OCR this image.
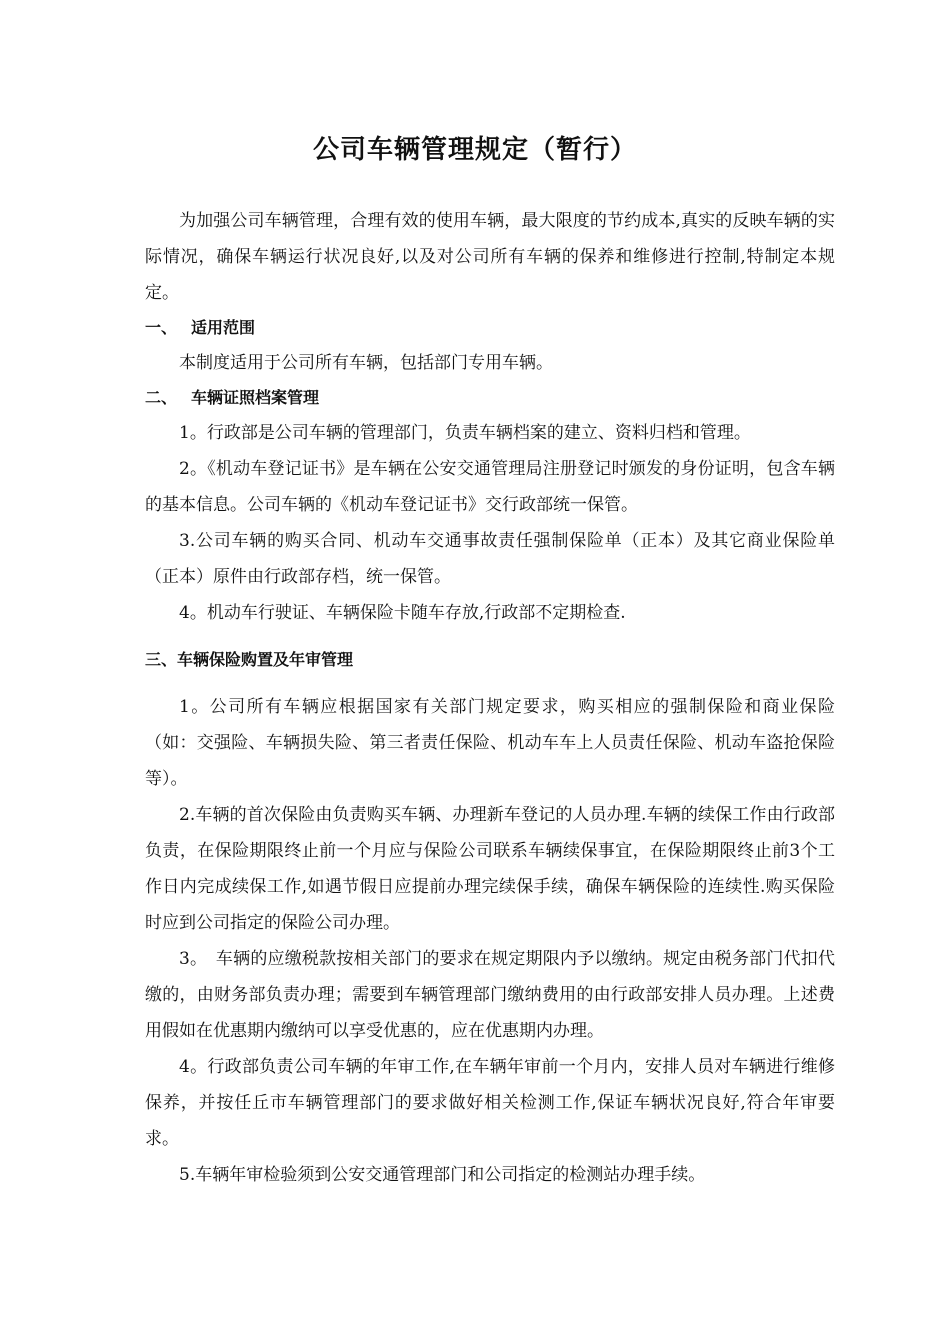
公司车辆管理规定（暂行）

为加强公司车辆管理，合理有效的使用车辆，最大限度的节约成本,真实的反映车辆的实际情况，确保车辆运行状况良好,以及对公司所有车辆的保养和维修进行控制,特制定本规定。

一、 适用范围

本制度适用于公司所有车辆，包括部门专用车辆。

二、 车辆证照档案管理

1。行政部是公司车辆的管理部门，负责车辆档案的建立、资料归档和管理。

2。《机动车登记证书》是车辆在公安交通管理局注册登记时颁发的身份证明，包含车辆的基本信息。公司车辆的《机动车登记证书》交行政部统一保管。

3.公司车辆的购买合同、机动车交通事故责任强制保险单（正本）及其它商业保险单（正本）原件由行政部存档，统一保管。

4。机动车行驶证、车辆保险卡随车存放,行政部不定期检查.

三、车辆保险购置及年审管理

1。公司所有车辆应根据国家有关部门规定要求，购买相应的强制保险和商业保险（如：交强险、车辆损失险、第三者责任保险、机动车车上人员责任保险、机动车盗抢保险等）。

2.车辆的首次保险由负责购买车辆、办理新车登记的人员办理.车辆的续保工作由行政部负责，在保险期限终止前一个月应与保险公司联系车辆续保事宜，在保险期限终止前3个工作日内完成续保工作,如遇节假日应提前办理完续保手续，确保车辆保险的连续性.购买保险时应到公司指定的保险公司办理。

3。　车辆的应缴税款按相关部门的要求在规定期限内予以缴纳。规定由税务部门代扣代缴的，由财务部负责办理；需要到车辆管理部门缴纳费用的由行政部安排人员办理。上述费用假如在优惠期内缴纳可以享受优惠的，应在优惠期内办理。

4。行政部负责公司车辆的年审工作,在车辆年审前一个月内，安排人员对车辆进行维修保养，并按任丘市车辆管理部门的要求做好相关检测工作,保证车辆状况良好,符合年审要求。

5.车辆年审检验须到公安交通管理部门和公司指定的检测站办理手续。
